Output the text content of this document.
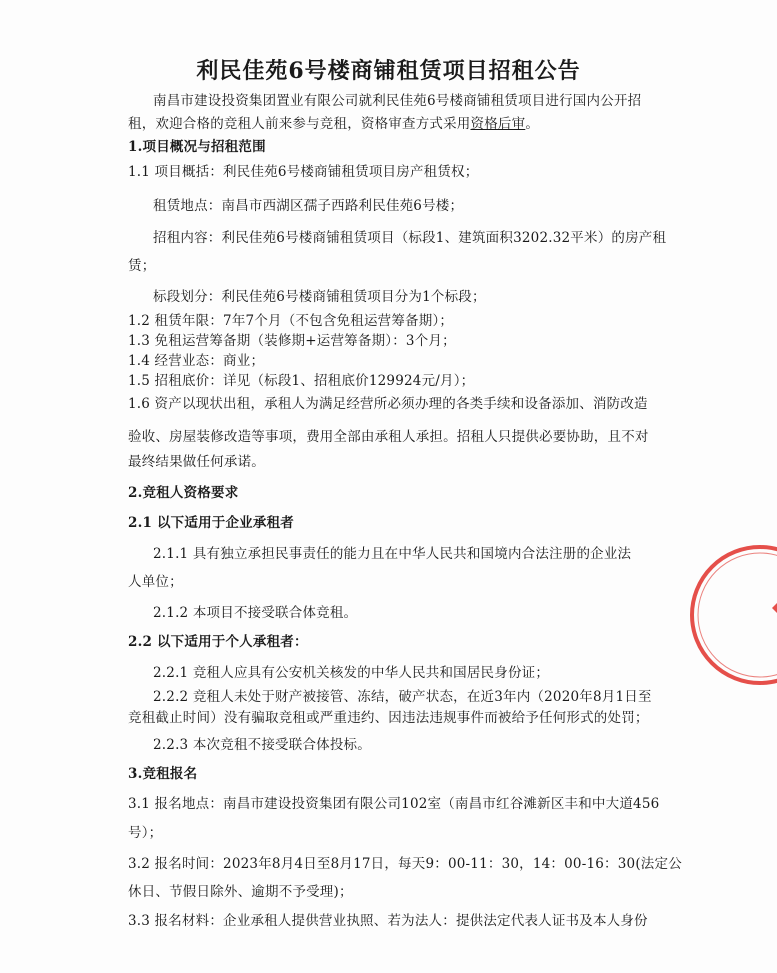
利民佳苑6号楼商铺租赁项目招租公告
南昌市建设投资集团置业有限公司就利民佳苑6号楼商铺租赁项目进行国内公开招
租，欢迎合格的竞租人前来参与竞租，资格审查方式采用资格后审。
1.项目概况与招租范围
1.1 项目概括：利民佳苑6号楼商铺租赁项目房产租赁权；
租赁地点：南昌市西湖区孺子西路利民佳苑6号楼；
招租内容：利民佳苑6号楼商铺租赁项目（标段1、建筑面积3202.32平米）的房产租
赁；
标段划分：利民佳苑6号楼商铺租赁项目分为1个标段；
1.2 租赁年限：7年7个月（不包含免租运营筹备期）；
1.3 免租运营筹备期（装修期+运营筹备期）：3个月；
1.4 经营业态：商业；
1.5 招租底价：详见（标段1、招租底价129924元/月）；
1.6 资产以现状出租，承租人为满足经营所必须办理的各类手续和设备添加、消防改造
验收、房屋装修改造等事项，费用全部由承租人承担。招租人只提供必要协助，且不对
最终结果做任何承诺。
2.竞租人资格要求
2.1 以下适用于企业承租者
2.1.1 具有独立承担民事责任的能力且在中华人民共和国境内合法注册的企业法
人单位；
2.1.2 本项目不接受联合体竞租。
2.2 以下适用于个人承租者：
2.2.1 竞租人应具有公安机关核发的中华人民共和国居民身份证；
2.2.2 竞租人未处于财产被接管、冻结，破产状态，在近3年内（2020年8月1日至
竞租截止时间）没有骗取竞租或严重违约、因违法违规事件而被给予任何形式的处罚；
2.2.3 本次竞租不接受联合体投标。
3.竞租报名
3.1 报名地点：南昌市建设投资集团有限公司102室（南昌市红谷滩新区丰和中大道456
号）；
3.2 报名时间：2023年8月4日至8月17日，每天9：00-11：30，14：00-16：30(法定公
休日、节假日除外、逾期不予受理)；
3.3 报名材料：企业承租人提供营业执照、若为法人：提供法定代表人证书及本人身份
